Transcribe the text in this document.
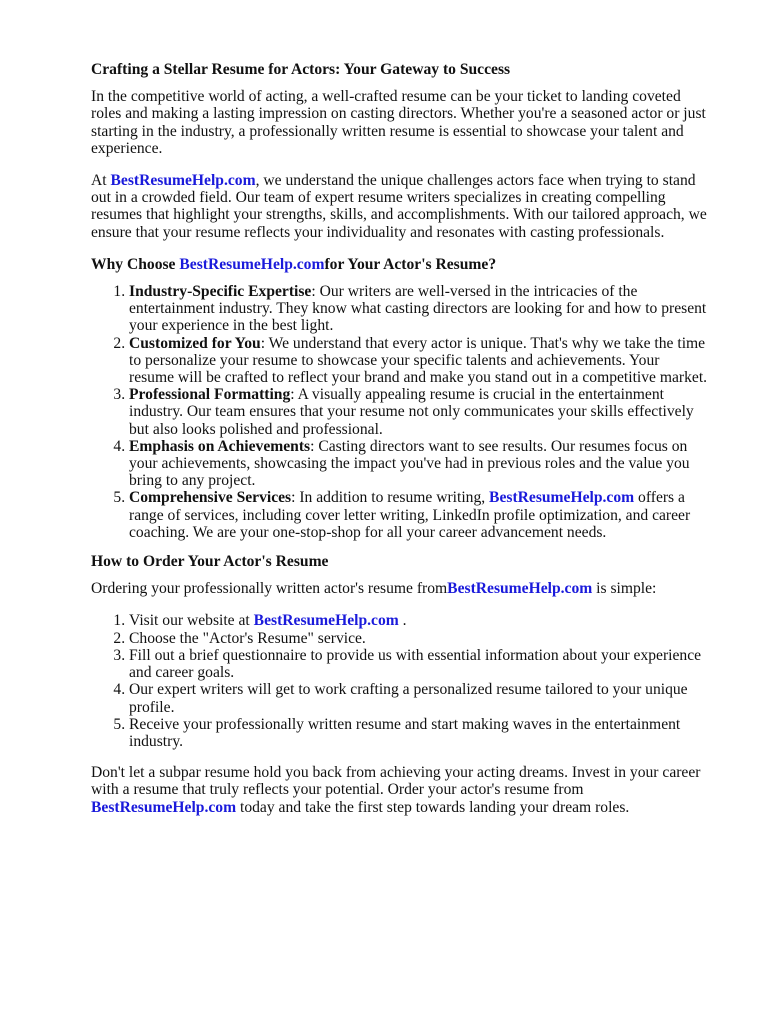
Crafting a Stellar Resume for Actors: Your Gateway to Success

In the competitive world of acting, a well-crafted resume can be your ticket to landing coveted roles and making a lasting impression on casting directors. Whether you're a seasoned actor or just starting in the industry, a professionally written resume is essential to showcase your talent and experience.

At BestResumeHelp.com, we understand the unique challenges actors face when trying to stand out in a crowded field. Our team of expert resume writers specializes in creating compelling resumes that highlight your strengths, skills, and accomplishments. With our tailored approach, we ensure that your resume reflects your individuality and resonates with casting professionals.

Why Choose BestResumeHelp.comfor Your Actor's Resume?
1. Industry-Specific Expertise: Our writers are well-versed in the intricacies of the entertainment industry. They know what casting directors are looking for and how to present your experience in the best light.
2. Customized for You: We understand that every actor is unique. That's why we take the time to personalize your resume to showcase your specific talents and achievements. Your resume will be crafted to reflect your brand and make you stand out in a competitive market.
3. Professional Formatting: A visually appealing resume is crucial in the entertainment industry. Our team ensures that your resume not only communicates your skills effectively but also looks polished and professional.
4. Emphasis on Achievements: Casting directors want to see results. Our resumes focus on your achievements, showcasing the impact you've had in previous roles and the value you bring to any project.
5. Comprehensive Services: In addition to resume writing, BestResumeHelp.com offers a range of services, including cover letter writing, LinkedIn profile optimization, and career coaching. We are your one-stop-shop for all your career advancement needs.
How to Order Your Actor's Resume

Ordering your professionally written actor's resume fromBestResumeHelp.com is simple:

1. Visit our website at BestResumeHelp.com .
2. Choose the "Actor's Resume" service.
3. Fill out a brief questionnaire to provide us with essential information about your experience and career goals.
4. Our expert writers will get to work crafting a personalized resume tailored to your unique profile.
5. Receive your professionally written resume and start making waves in the entertainment industry.

Don't let a subpar resume hold you back from achieving your acting dreams. Invest in your career with a resume that truly reflects your potential. Order your actor's resume from BestResumeHelp.com today and take the first step towards landing your dream roles.
